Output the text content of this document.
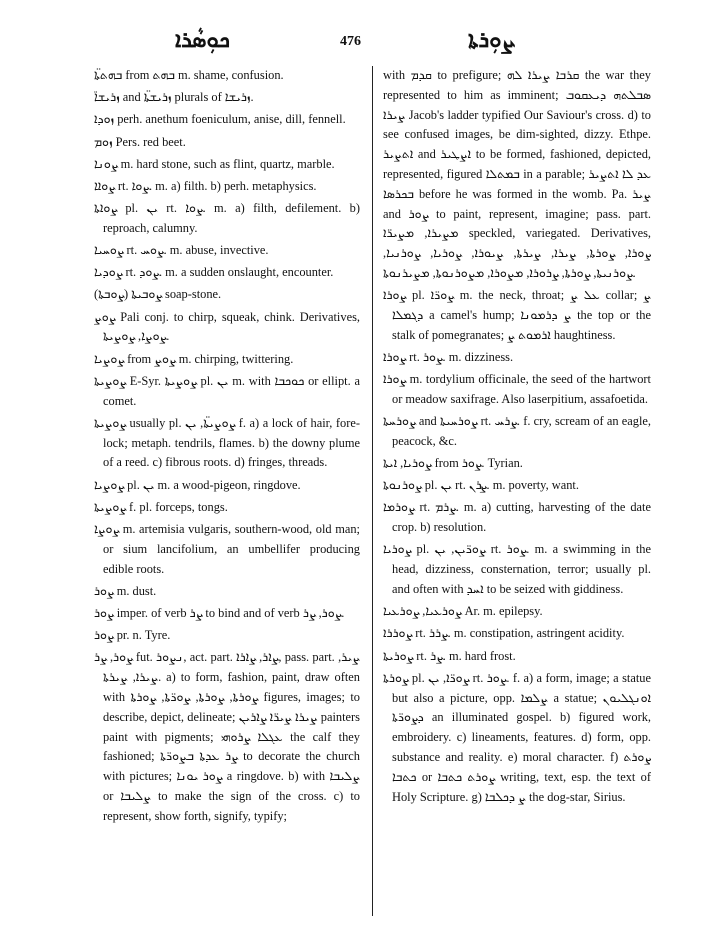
ܟܘܼܣܵܪܐ	476	ܨܘܼܪܬܐ

ܒܗܬܬܐ̈ from ܒܗܬ m. shame, confusion.

ܙܪܝܫܐ̈ and ܙܪܝܫܬܐ̈ plurals of ܙܪܝܫܐ.

ܙܘܕܐ perh. anethum foeniculum, anise, dill, fennell.

ܙܘܡ Pers. red beet.

ܨܘܢܐ m. hard stone, such as flint, quartz, marble.

ܨܘܐܐ rt. ܨܘܐ. m. a) filth. b) perh. metaphysics.

ܨܘܐܬܐ pl. ܝܢ rt. ܨܘܐ. m. a) filth, defilement. b) reproach, calumny.

ܨܘܚܝܐ rt. ܨܘܚ. m. abuse, invective.

ܨܘܕܝܐ rt. ܨܘܕ. m. a sudden onslaught, encounter.

ܨܘܒܝܬܐ (ܨܘܒܬܐ) soap-stone.

ܨܘܨ Pali conj. to chirp, squeak, chink. Derivatives, ܨܘܨܐ, ܨܘܨܝܬܐ.

ܨܘܨܝܐ from ܨܘܨ m. chirping, twittering.

ܨܘܨܝܬܐ E-Syr. ܨܘܨܝܬܐ pl. ܝܢ m. with ܟܘܟܒܐ or ellipt. a comet.

ܨܘܨܝܬܐ usually pl. ܨܘܨܝܬܐ̈, ܝܢ f. a) a lock of hair, fore-lock; metaph. tendrils, flames. b) the downy plume of a reed. c) fibrous roots. d) fringes, threads.

ܨܘܨܝܐ pl. ܝܢ m. a wood-pigeon, ringdove.

ܨܘܨܝܬܐ f. pl. forceps, tongs.

ܨܘܨܐ m. artemisia vulgaris, southern-wood, old man; or sium lancifolium, an umbellifer producing edible roots.

ܨܘܪ m. dust.

ܨܘܪ imper. of verb ܨܪ to bind and of verb ܨܘܪ, ܨܪ.

ܨܘܪ pr. n. Tyre.

ܨܘܪ, ܨܪ fut. ܢܨܘܪ, act. part. ܨܐܪ, ܨܐܪܐ, pass. part. ܨܝܪ, ܨܝܪܐ, ܨܝܪܬܐ. a) to form, fashion, paint, draw often with ܨܘܪܬܐ, ܨܘܪܬܐ, ܨܘܪ̈ܬܐ, ܨܘܪܬܐ figures, images; to describe, depict, delineate; ܨܝܪܐ ܨܝܪ̈ܐ ܨܐܪܝܢ painters paint with pigments; ܥܓܠܐ ܨܪܘܗܝ the calf they fashioned; ܨܪ ܥܕܬܐ ܒܨܘܪ̈ܬܐ to decorate the church with pictures; ܨܘܪ ܝܘܢܐ a ringdove. b) with ܨܠܝܒܐ or ܨܠܝܒܐ to make the sign of the cross. c) to represent, show forth, signify, typify;

with ܩܕܡ to prefigure; ܩܪܒܐ ܨܝܪܐ ܠܗ the war they represented to him as imminent; ܣܒܠܬܗ ܕܝܥܩܘܒ ܨܝܪܐ Jacob's ladder typified Our Saviour's cross. d) to see confused images, be dim-sighted, dizzy. Ethpe. ܐܬܨܝܪ and ܐܨܛܝܪ to be formed, fashioned, depicted, represented, figured ܒܡܬܠܐ in a parable; ܥܕ ܠܐ ܐܬܨܝܪ ܒܟܪܣܐ before he was formed in the womb. Pa. ܨܝܪ and ܨܘܪ to paint, represent, imagine; pass. part. ܡܨܝܪܐ, ܡܨܝܪ̈ܐ speckled, variegated. Derivatives, ܨܘܪܐ, ܨܘܪܬܐ, ܨܝܪܐ, ܨܝܪܬܐ, ܨܝܘܪܐ, ܨܘܪܝܐ, ܨܘܪܢܝܐ, ܨܘܪܢܝܬܐ, ܨܘܪܬܐ, ܨܪܘܪܐ, ܡܨܘܪܐ, ܡܨܘܪܢܘܬܐ, ܡܨܝܪܢܘܬܐ.

ܨܘܪܐ pl. ܨܘܪ̈ܐ m. the neck, throat; ܥܠ ܨ collar; ܨ ܕܓܡܠܐ a camel's hump; ܨ ܕܪܡܘܢܐ the top or the stalk of pomegranates; ܐܪܡܘܬ ܨ haughtiness.

ܨܘܪܐ rt. ܨܘܪ. m. dizziness.

ܨܘܪܐ m. tordylium officinale, the seed of the hartwort or meadow saxifrage. Also laserpitium, assafoetida.

ܨܘܪܚܬܐ and ܨܘܪܚܝܬܐ rt. ܨܪܚ. f. cry, scream of an eagle, peacock, &c.

ܨܘܪܝܐ, ܐܝܬܐ from ܨܘܪ. Tyrian.

ܨܘܪܢܘܬܐ pl. ܝܢ rt. ܨܪܢ. m. poverty, want.

ܨܘܪܡܐ rt. ܨܪܡ. m. a) cutting, harvesting of the date crop. b) resolution.

ܨܘܪܝܐ pl. ܨܘܪ̈ܝܢ, ܝܢ rt. ܨܘܪ. m. a swimming in the head, dizziness, consternation, terror; usually pl. and often with ܐܚܕ to be seized with giddiness.

ܨܘܪܥܝܐ, ܨܘܪܥܝܐ Ar. m. epilepsy.

ܨܘܪܪܐ rt. ܨܪܪ. m. constipation, astringent acidity.

ܨܘܪܝܬܐ rt. ܨܪ. m. hard frost.

ܨܘܪܬܐ pl. ܨܘܪ̈ܐ, ܝܢ rt. ܨܘܪ. f. a) a form, image; a statue but also a picture, opp. ܨܠܡܐ a statue; ܐܘܢܓܠܝܘܢ ܕܨܘܪ̈ܬܐ an illuminated gospel. b) figured work, embroidery. c) lineaments, features. d) form, opp. substance and reality. e) moral character. f) ܨܘܪܬ ܟܬܒܐ or ܨܘܪܬ ܟܬܒܐ writing, text, esp. the text of Holy Scripture. g) ܨ ܕܟܠܒܐ the dog-star, Sirius.
